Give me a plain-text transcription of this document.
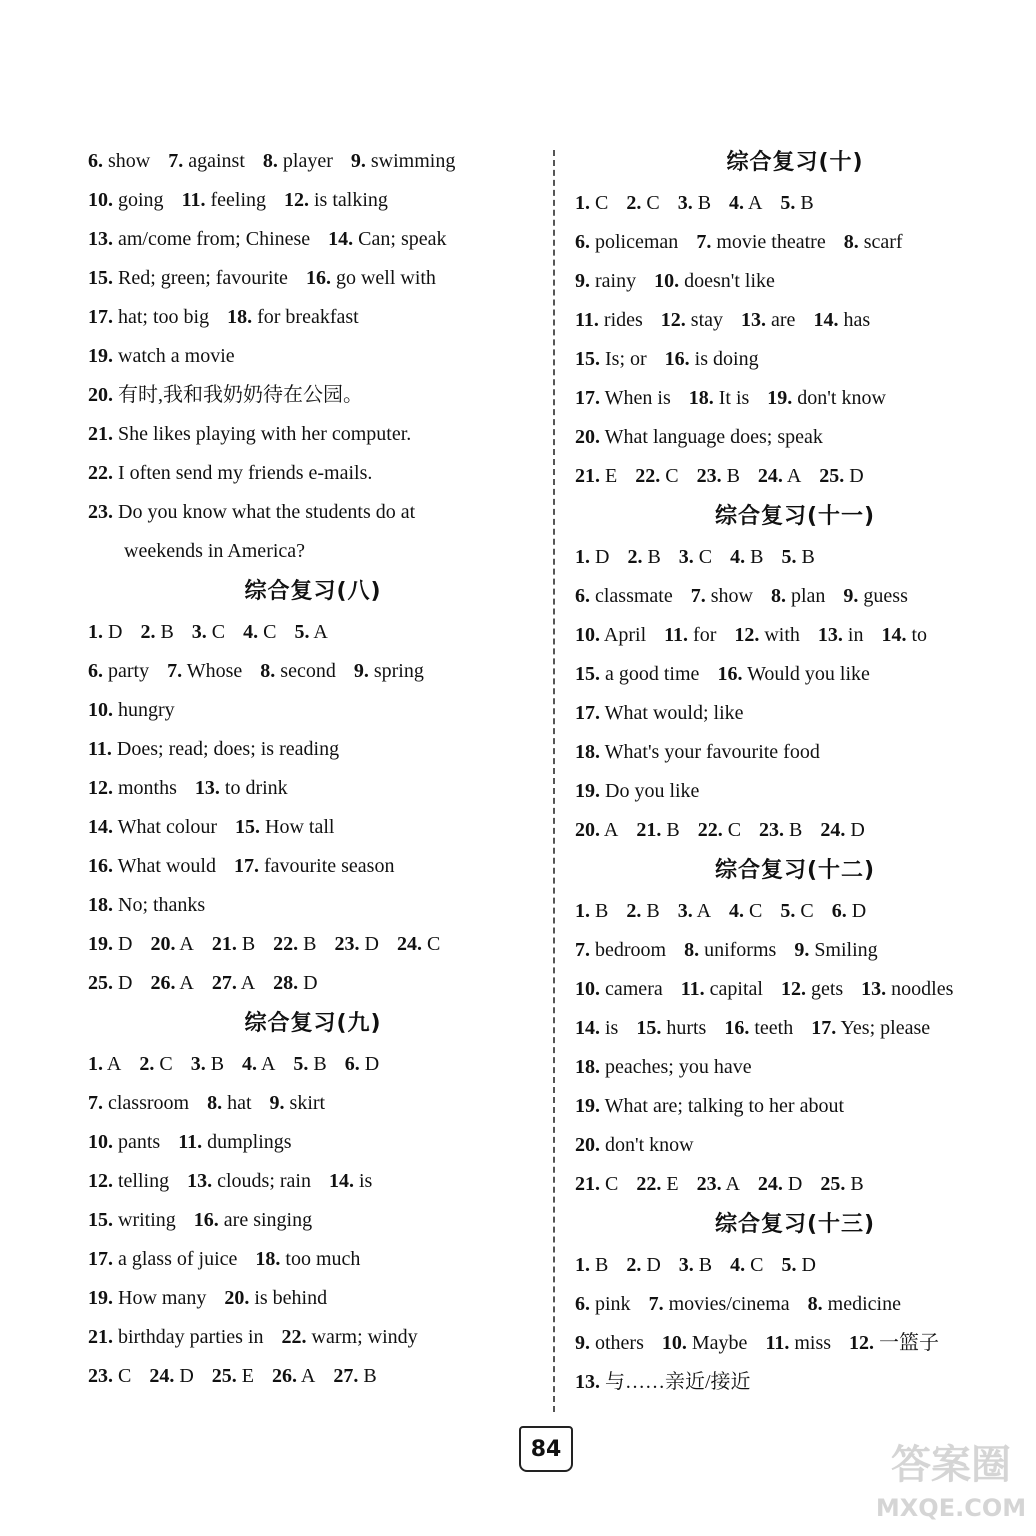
6. show 7. against 8. player 9. swimming
10. going 11. feeling 12. is talking
13. am/come from; Chinese 14. Can; speak
15. Red; green; favourite 16. go well with
17. hat; too big 18. for breakfast
19. watch a movie
20. 有时,我和我奶奶待在公园。
21. She likes playing with her computer.
22. I often send my friends e-mails.
23. Do you know what the students do at
weekends in America?
综合复习(八)
1. D 2. B 3. C 4. C 5. A
6. party 7. Whose 8. second 9. spring
10. hungry
11. Does; read; does; is reading
12. months 13. to drink
14. What colour 15. How tall
16. What would 17. favourite season
18. No; thanks
19. D 20. A 21. B 22. B 23. D 24. C
25. D 26. A 27. A 28. D
综合复习(九)
1. A 2. C 3. B 4. A 5. B 6. D
7. classroom 8. hat 9. skirt
10. pants 11. dumplings
12. telling 13. clouds; rain 14. is
15. writing 16. are singing
17. a glass of juice 18. too much
19. How many 20. is behind
21. birthday parties in 22. warm; windy
23. C 24. D 25. E 26. A 27. B
综合复习(十)
1. C 2. C 3. B 4. A 5. B
6. policeman 7. movie theatre 8. scarf
9. rainy 10. doesn't like
11. rides 12. stay 13. are 14. has
15. Is; or 16. is doing
17. When is 18. It is 19. don't know
20. What language does; speak
21. E 22. C 23. B 24. A 25. D
综合复习(十一)
1. D 2. B 3. C 4. B 5. B
6. classmate 7. show 8. plan 9. guess
10. April 11. for 12. with 13. in 14. to
15. a good time 16. Would you like
17. What would; like
18. What's your favourite food
19. Do you like
20. A 21. B 22. C 23. B 24. D
综合复习(十二)
1. B 2. B 3. A 4. C 5. C 6. D
7. bedroom 8. uniforms 9. Smiling
10. camera 11. capital 12. gets 13. noodles
14. is 15. hurts 16. teeth 17. Yes; please
18. peaches; you have
19. What are; talking to her about
20. don't know
21. C 22. E 23. A 24. D 25. B
综合复习(十三)
1. B 2. D 3. B 4. C 5. D
6. pink 7. movies/cinema 8. medicine
9. others 10. Maybe 11. miss 12. 一篮子
13. 与……亲近/接近
84	答案圈
MXQE.COM
